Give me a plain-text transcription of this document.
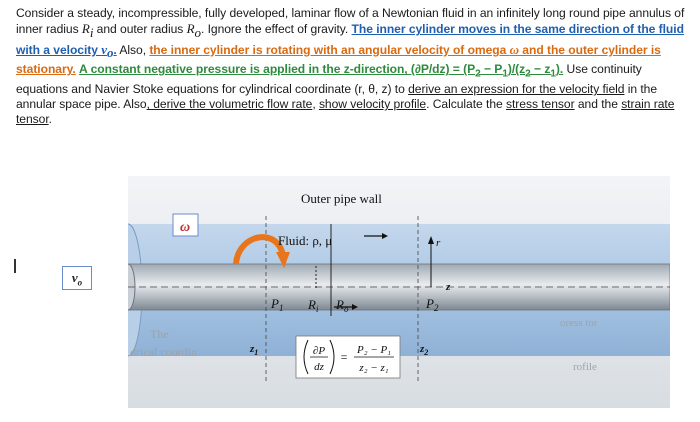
Consider a steady, incompressible, fully developed, laminar flow of a Newtonian fluid in an infinitely long round pipe annulus of inner radius $R_i$ and outer radius $R_o$. Ignore the effect of gravity. The inner cylinder moves in the same direction of the fluid with a velocity $v_o$. Also, the inner cylinder is rotating with an angular velocity of omega ω and the outer cylinder is stationary. A constant negative pressure is applied in the z-direction, $(\partial P/dz) = (P_2 - P_1)/(z_2 - z_1)$. Use continuity equations and Navier Stoke equations for cylindrical coordinate (r, θ, z) to derive an expression for the velocity field in the annular space pipe. Also, derive the volumetric flow rate, show velocity profile. Calculate the stress tensor and the strain rate tensor.
$v_o$
ω
Outer pipe wall
Fluid: ρ, μ	r
z
$P_1$	$P_2$
$R_i$ $R_o$
The
drical coordin
oress tor
rofile
$z_1$	$z_2$
∂P
dz
= P₂ − P₁
z₂ − z₁
